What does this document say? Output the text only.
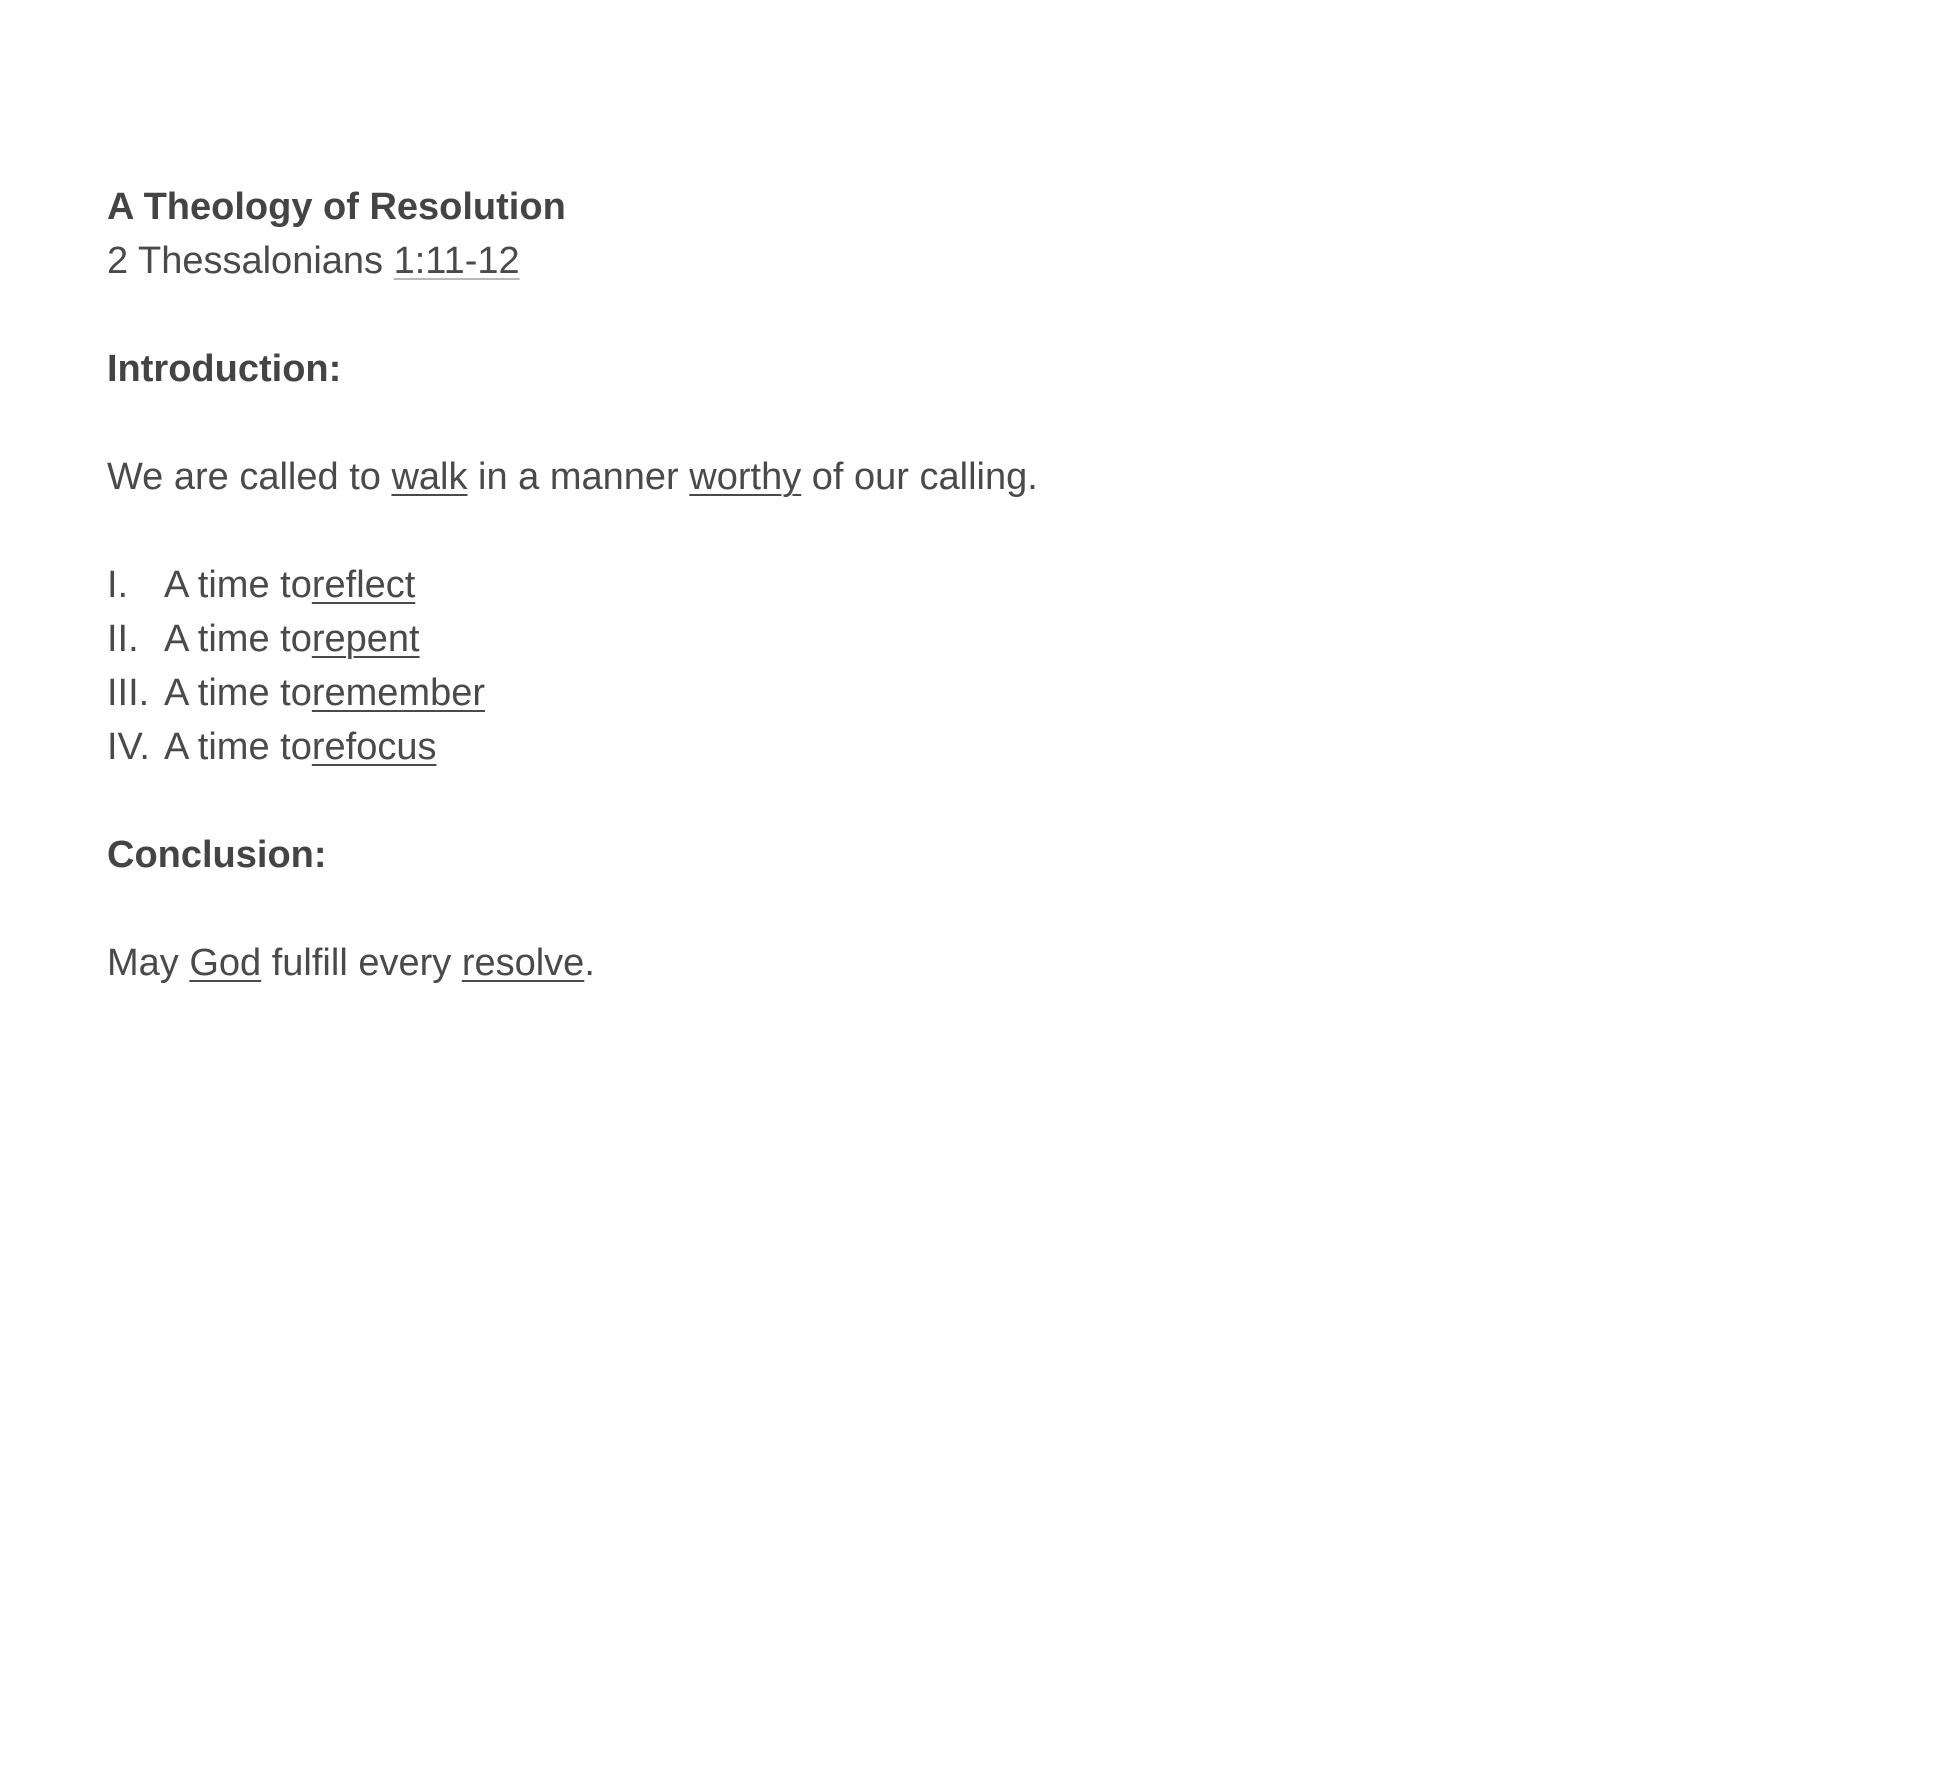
A Theology of Resolution
2 Thessalonians 1:11-12
Introduction:
We are called to walk in a manner worthy of our calling.
I. A time to reflect
II. A time to repent
III. A time to remember
IV. A time to refocus
Conclusion:
May God fulfill every resolve.
